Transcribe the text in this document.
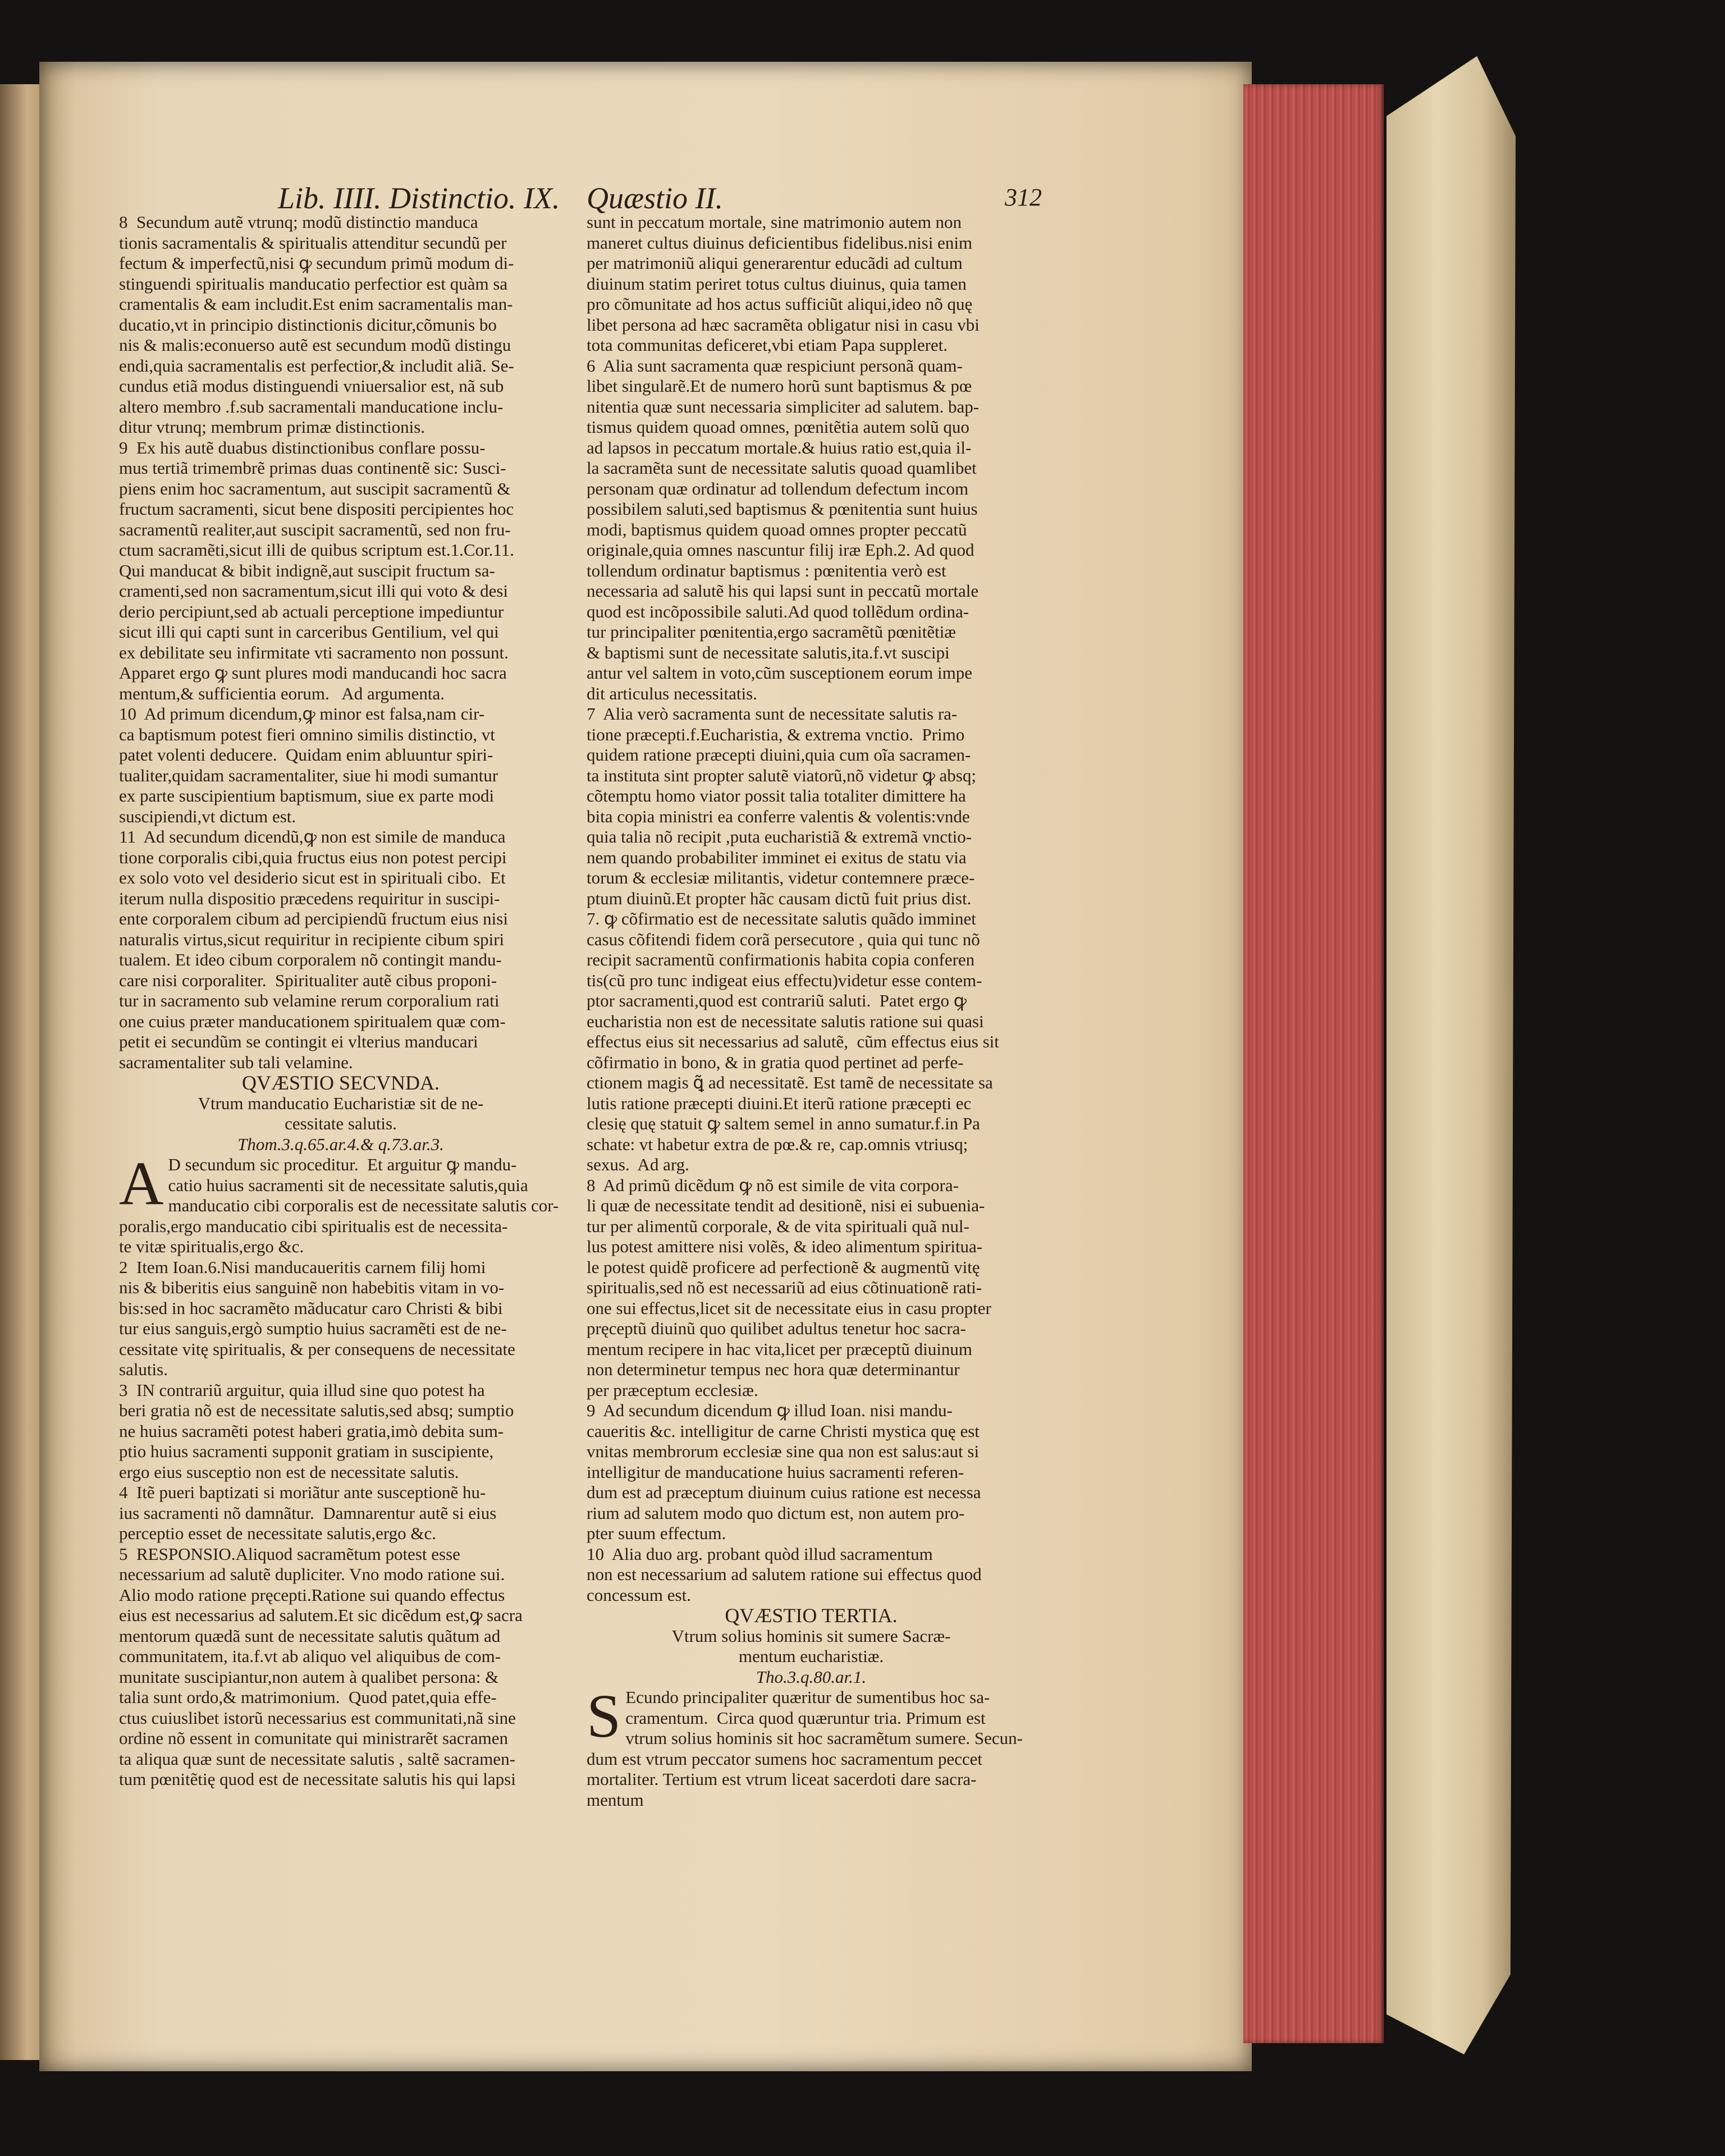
Lib. IIII. Distinctio. IX. Quæstio II.	312

8  Secundum autẽ vtrunq; modũ distinctio manduca

tionis sacramentalis & spiritualis attenditur secundũ per

fectum & imperfectũ,nisi ꝙ secundum primũ modum di-

stinguendi spiritualis manducatio perfectior est quàm sa

cramentalis & eam includit.Est enim sacramentalis man-

ducatio,vt in principio distinctionis dicitur,cõmunis bo

nis & malis:econuerso autẽ est secundum modũ distingu

endi,quia sacramentalis est perfectior,& includit aliã. Se-

cundus etiã modus distinguendi vniuersalior est, nã sub

altero membro .f.sub sacramentali manducatione inclu-

ditur vtrunq; membrum primæ distinctionis.

9  Ex his autẽ duabus distinctionibus conflare possu-

mus tertiã trimembrẽ primas duas continentẽ sic: Susci-

piens enim hoc sacramentum, aut suscipit sacramentũ &

fructum sacramenti, sicut bene dispositi percipientes hoc

sacramentũ realiter,aut suscipit sacramentũ, sed non fru-

ctum sacramẽti,sicut illi de quibus scriptum est.1.Cor.11.

Qui manducat & bibit indignẽ,aut suscipit fructum sa-

cramenti,sed non sacramentum,sicut illi qui voto & desi

derio percipiunt,sed ab actuali perceptione impediuntur

sicut illi qui capti sunt in carceribus Gentilium, vel qui

ex debilitate seu infirmitate vti sacramento non possunt.

Apparet ergo ꝙ sunt plures modi manducandi hoc sacra

mentum,& sufficientia eorum.   Ad argumenta.

10  Ad primum dicendum,ꝙ minor est falsa,nam cir-

ca baptismum potest fieri omnino similis distinctio, vt

patet volenti deducere.  Quidam enim abluuntur spiri-

tualiter,quidam sacramentaliter, siue hi modi sumantur

ex parte suscipientium baptismum, siue ex parte modi

suscipiendi,vt dictum est.

11  Ad secundum dicendũ,ꝙ non est simile de manduca

tione corporalis cibi,quia fructus eius non potest percipi

ex solo voto vel desiderio sicut est in spirituali cibo.  Et

iterum nulla dispositio præcedens requiritur in suscipi-

ente corporalem cibum ad percipiendũ fructum eius nisi

naturalis virtus,sicut requiritur in recipiente cibum spiri

tualem. Et ideo cibum corporalem nõ contingit mandu-

care nisi corporaliter.  Spiritualiter autẽ cibus proponi-

tur in sacramento sub velamine rerum corporalium rati

one cuius præter manducationem spiritualem quæ com-

petit ei secundũm se contingit ei vlterius manducari

sacramentaliter sub tali velamine.

QVÆSTIO SECVNDA.

Vtrum manducatio Eucharistiæ sit de ne-

cessitate salutis.

Thom.3.q.65.ar.4.& q.73.ar.3.

A D secundum sic proceditur.  Et arguitur ꝙ mandu-

catio huius sacramenti sit de necessitate salutis,quia

manducatio cibi corporalis est de necessitate salutis cor-

poralis,ergo manducatio cibi spiritualis est de necessita-

te vitæ spiritualis,ergo &c.

2  Item Ioan.6.Nisi manducaueritis carnem filij homi

nis & biberitis eius sanguinẽ non habebitis vitam in vo-

bis:sed in hoc sacramẽto mãducatur caro Christi & bibi

tur eius sanguis,ergò sumptio huius sacramẽti est de ne-

cessitate vitę spiritualis, & per consequens de necessitate

salutis.

3  IN contrariũ arguitur, quia illud sine quo potest ha

beri gratia nõ est de necessitate salutis,sed absq; sumptio

ne huius sacramẽti potest haberi gratia,imò debita sum-

ptio huius sacramenti supponit gratiam in suscipiente,

ergo eius susceptio non est de necessitate salutis.

4  Itẽ pueri baptizati si moriãtur ante susceptionẽ hu-

ius sacramenti nõ damnãtur.  Damnarentur autẽ si eius

perceptio esset de necessitate salutis,ergo &c.

5  RESPONSIO.Aliquod sacramẽtum potest esse

necessarium ad salutẽ dupliciter. Vno modo ratione sui.

Alio modo ratione pręcepti.Ratione sui quando effectus

eius est necessarius ad salutem.Et sic dicẽdum est,ꝙ sacra

mentorum quædã sunt de necessitate salutis quãtum ad

communitatem, ita.f.vt ab aliquo vel aliquibus de com-

munitate suscipiantur,non autem à qualibet persona: &

talia sunt ordo,& matrimonium.  Quod patet,quia effe-

ctus cuiuslibet istorũ necessarius est communitati,nã sine

ordine nõ essent in comunitate qui ministrarẽt sacramen

ta aliqua quæ sunt de necessitate salutis , saltẽ sacramen-

tum pœnitẽtię quod est de necessitate salutis his qui lapsi

sunt in peccatum mortale, sine matrimonio autem non

maneret cultus diuinus deficientibus fidelibus.nisi enim

per matrimoniũ aliqui generarentur educãdi ad cultum

diuinum statim periret totus cultus diuinus, quia tamen

pro cõmunitate ad hos actus sufficiũt aliqui,ideo nõ quę

libet persona ad hæc sacramẽta obligatur nisi in casu vbi

tota communitas deficeret,vbi etiam Papa suppleret.

6  Alia sunt sacramenta quæ respiciunt personã quam-

libet singularẽ.Et de numero horũ sunt baptismus & pœ

nitentia quæ sunt necessaria simpliciter ad salutem. bap-

tismus quidem quoad omnes, pœnitẽtia autem solũ quo

ad lapsos in peccatum mortale.& huius ratio est,quia il-

la sacramẽta sunt de necessitate salutis quoad quamlibet

personam quæ ordinatur ad tollendum defectum incom

possibilem saluti,sed baptismus & pœnitentia sunt huius

modi, baptismus quidem quoad omnes propter peccatũ

originale,quia omnes nascuntur filij iræ Eph.2. Ad quod

tollendum ordinatur baptismus : pœnitentia verò est

necessaria ad salutẽ his qui lapsi sunt in peccatũ mortale

quod est incõpossibile saluti.Ad quod tollẽdum ordina-

tur principaliter pœnitentia,ergo sacramẽtũ pœnitẽtiæ

& baptismi sunt de necessitate salutis,ita.f.vt suscipi

antur vel saltem in voto,cũm susceptionem eorum impe

dit articulus necessitatis.

7  Alia verò sacramenta sunt de necessitate salutis ra-

tione præcepti.f.Eucharistia, & extrema vnctio.  Primo

quidem ratione præcepti diuini,quia cum oĩa sacramen-

ta instituta sint propter salutẽ viatorũ,nõ videtur ꝙ absq;

cõtemptu homo viator possit talia totaliter dimittere ha

bita copia ministri ea conferre valentis & volentis:vnde

quia talia nõ recipit ,puta eucharistiã & extremã vnctio-

nem quando probabiliter imminet ei exitus de statu via

torum & ecclesiæ militantis, videtur contemnere præce-

ptum diuinũ.Et propter hãc causam dictũ fuit prius dist.

7. ꝙ cõfirmatio est de necessitate salutis quãdo imminet

casus cõfitendi fidem corã persecutore , quia qui tunc nõ

recipit sacramentũ confirmationis habita copia conferen

tis(cũ pro tunc indigeat eius effectu)videtur esse contem-

ptor sacramenti,quod est contrariũ saluti.  Patet ergo ꝙ

eucharistia non est de necessitate salutis ratione sui quasi

effectus eius sit necessarius ad salutẽ,  cũm effectus eius sit

cõfirmatio in bono, & in gratia quod pertinet ad perfe-

ctionem magis ꝗ̃ ad necessitatẽ. Est tamẽ de necessitate sa

lutis ratione præcepti diuini.Et iterũ ratione præcepti ec

clesię quę statuit ꝙ saltem semel in anno sumatur.f.in Pa

schate: vt habetur extra de pœ.& re, cap.omnis vtriusq;

sexus.  Ad arg.

8  Ad primũ dicẽdum ꝙ nõ est simile de vita corpora-

li quæ de necessitate tendit ad desitionẽ, nisi ei subuenia-

tur per alimentũ corporale, & de vita spirituali quã nul-

lus potest amittere nisi volẽs, & ideo alimentum spiritua-

le potest quidẽ proficere ad perfectionẽ & augmentũ vitę

spiritualis,sed nõ est necessariũ ad eius cõtinuationẽ rati-

one sui effectus,licet sit de necessitate eius in casu propter

pręceptũ diuinũ quo quilibet adultus tenetur hoc sacra-

mentum recipere in hac vita,licet per præceptũ diuinum

non determinetur tempus nec hora quæ determinantur

per præceptum ecclesiæ.

9  Ad secundum dicendum ꝙ illud Ioan. nisi mandu-

caueritis &c. intelligitur de carne Christi mystica quę est

vnitas membrorum ecclesiæ sine qua non est salus:aut si

intelligitur de manducatione huius sacramenti referen-

dum est ad præceptum diuinum cuius ratione est necessa

rium ad salutem modo quo dictum est, non autem pro-

pter suum effectum.

10  Alia duo arg. probant quòd illud sacramentum

non est necessarium ad salutem ratione sui effectus quod

concessum est.

QVÆSTIO TERTIA.

Vtrum solius hominis sit sumere Sacræ-

mentum eucharistiæ.

Tho.3.q.80.ar.1.

S Ecundo principaliter quæritur de sumentibus hoc sa-

cramentum.  Circa quod quæruntur tria. Primum est

vtrum solius hominis sit hoc sacramẽtum sumere. Secun-

dum est vtrum peccator sumens hoc sacramentum peccet

mortaliter. Tertium est vtrum liceat sacerdoti dare sacra-

mentum
